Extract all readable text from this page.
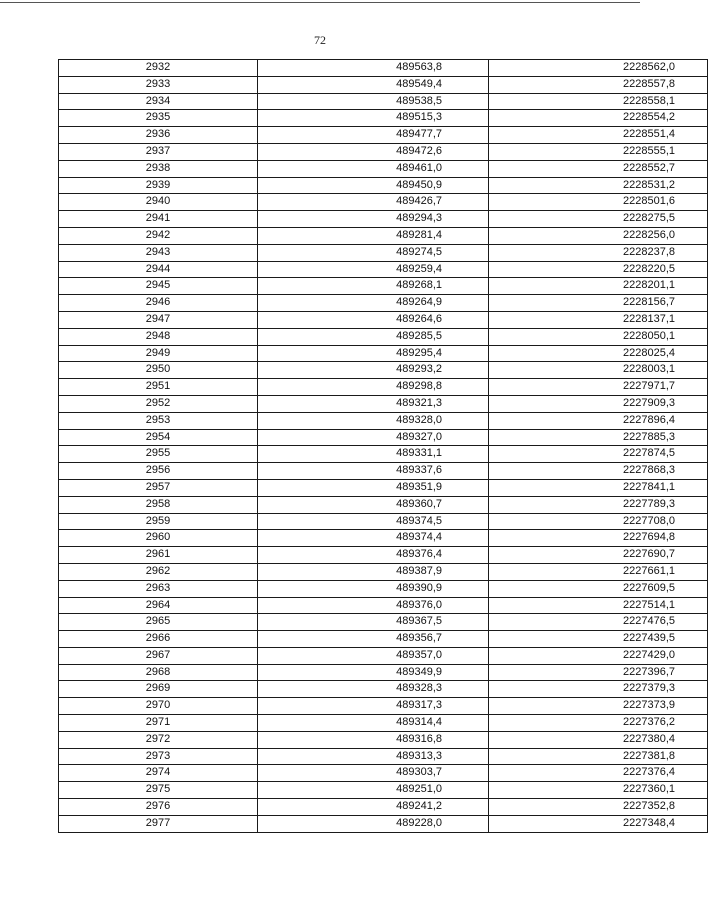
72
2932	489563,8	2228562,0
2933	489549,4	2228557,8
2934	489538,5	2228558,1
2935	489515,3	2228554,2
2936	489477,7	2228551,4
2937	489472,6	2228555,1
2938	489461,0	2228552,7
2939	489450,9	2228531,2
2940	489426,7	2228501,6
2941	489294,3	2228275,5
2942	489281,4	2228256,0
2943	489274,5	2228237,8
2944	489259,4	2228220,5
2945	489268,1	2228201,1
2946	489264,9	2228156,7
2947	489264,6	2228137,1
2948	489285,5	2228050,1
2949	489295,4	2228025,4
2950	489293,2	2228003,1
2951	489298,8	2227971,7
2952	489321,3	2227909,3
2953	489328,0	2227896,4
2954	489327,0	2227885,3
2955	489331,1	2227874,5
2956	489337,6	2227868,3
2957	489351,9	2227841,1
2958	489360,7	2227789,3
2959	489374,5	2227708,0
2960	489374,4	2227694,8
2961	489376,4	2227690,7
2962	489387,9	2227661,1
2963	489390,9	2227609,5
2964	489376,0	2227514,1
2965	489367,5	2227476,5
2966	489356,7	2227439,5
2967	489357,0	2227429,0
2968	489349,9	2227396,7
2969	489328,3	2227379,3
2970	489317,3	2227373,9
2971	489314,4	2227376,2
2972	489316,8	2227380,4
2973	489313,3	2227381,8
2974	489303,7	2227376,4
2975	489251,0	2227360,1
2976	489241,2	2227352,8
2977	489228,0	2227348,4
